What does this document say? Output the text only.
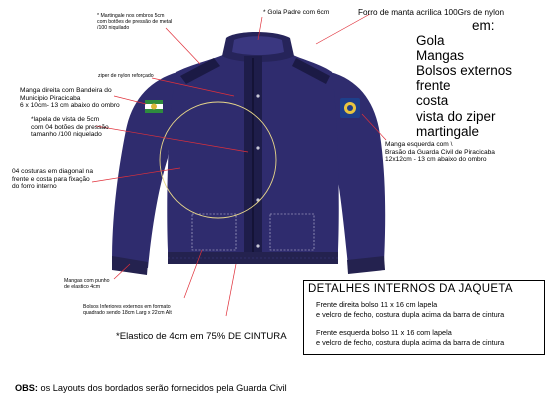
* Martingale nos ombros 5cm
com botões de pressão de metal
/100 niquilado
* Gola Padre com 6cm	Forro de manta acrilica 100Grs de nylon
em:
Gola
Mangas
Bolsos externos
frente
costa
vista do ziper
martingale
ziper de nylon reforçado
Manga direita com Bandeira do
Municipio Piracicaba
6 x 10cm- 13 cm abaixo do ombro
*lapela de vista de 5cm
com 04 botões de pressão
tamanho /100 niquelado
Manga esquerda com \
Brasão da Guarda Civil de Piracicaba
12x12cm - 13 cm abaixo do ombro
04 costuras em diagonal na
frente e costa para fixação
do forro interno
Mangas com punho
de elastico 4cm
Bolsos Inferiores externos em formato
quadrado sendo 18cm Larg x 22cm Alt
*Elastico de 4cm em 75% DE CINTURA
DETALHES INTERNOS DA JAQUETA
Frente direita bolso 11 x 16 cm lapela
e velcro de fecho, costura dupla acima da barra de cintura
Frente esquerda bolso 11 x 16 com lapela
e velcro de fecho, costura dupla acima da barra de cintura
OBS: os Layouts dos bordados serão fornecidos pela Guarda Civil
